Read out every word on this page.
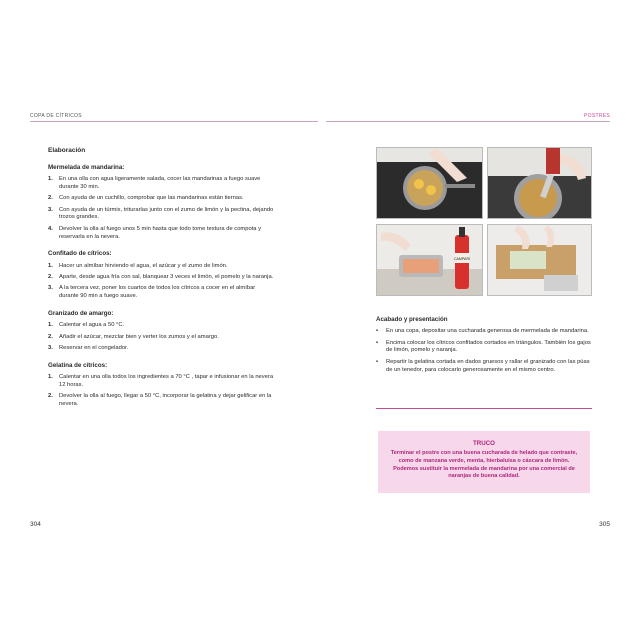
COPA DE CÍTRICOS	POSTRES
Elaboración
Mermelada de mandarina:
1.	En una olla con agua ligeramente salada, cocer las mandarinas a fuego suave durante 30 min.
2.	Con ayuda de un cuchillo, comprobar que las mandarinas están tiernas.
3.	Con ayuda de un túrmix, triturarlas junto con el zumo de limón y la pectina, dejando trozos grandes.
4.	Devolver la olla al fuego unos 5 min hasta que todo tome textura de compota y reservarla en la nevera.
Confitado de cítricos:
1.	Hacer un almíbar hirviendo el agua, el azúcar y el zumo de limón.
2.	Aparte, desde agua fría con sal, blanquear 3 veces el limón, el pomelo y la naranja.
3.	A la tercera vez, poner los cuartos de todos los cítricos a cocer en el almíbar durante 90 min a fuego suave.
Granizado de amargo:
1.	Calentar el agua a 50 °C.
2.	Añadir el azúcar, mezclar bien y verter los zumos y el amargo.
3.	Reservar en el congelador.
Gelatina de cítricos:
1.	Calentar en una olla todos los ingredientes a 70 °C , tapar e infusionar en la nevera 12 horas.
2.	Devolver la olla al fuego, llegar a 50 °C, incorporar la gelatina y dejar gelificar en la nevera.
304
CAMPARI
Acabado y presentación
•	En una copa, depositar una cucharada generosa de mermelada de mandarina.
•	Encima colocar los cítricos confitados cortados en triángulos. También los gajos de limón, pomelo y naranja.
•	Repartir la gelatina cortada en dados gruesos y rallar el granizado con las púas de un tenedor, para colocarlo generosamente en el mismo centro.
TRUCO
Terminar el postre con una buena cucharada de helado que contraste, como de manzana verde, menta, hierbaluisa o cáscara de limón. Podemos sustituir la mermelada de mandarina por una comercial de naranjas de buena calidad.
305
